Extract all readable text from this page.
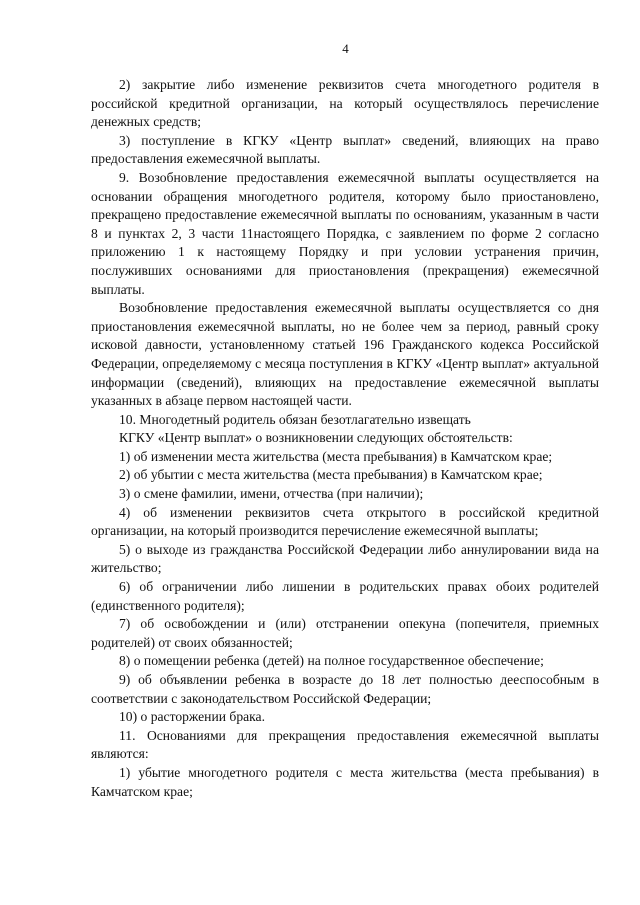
4

2) закрытие либо изменение реквизитов счета многодетного родителя в российской кредитной организации, на который осуществлялось перечисление денежных средств;

3) поступление в КГКУ «Центр выплат» сведений, влияющих на право предоставления ежемесячной выплаты.

9. Возобновление предоставления ежемесячной выплаты осуществляется на основании обращения многодетного родителя, которому было приостановлено, прекращено предоставление ежемесячной выплаты по основаниям, указанным в части 8 и пунктах 2, 3 части 11настоящего Порядка, с заявлением по форме 2 согласно приложению 1 к настоящему Порядку и при условии устранения причин, послуживших основаниями для приостановления (прекращения) ежемесячной выплаты.

Возобновление предоставления ежемесячной выплаты осуществляется со дня приостановления ежемесячной выплаты, но не более чем за период, равный сроку исковой давности, установленному статьей 196 Гражданского кодекса Российской Федерации, определяемому с месяца поступления в КГКУ «Центр выплат» актуальной информации (сведений), влияющих на предоставление ежемесячной выплаты указанных в абзаце первом настоящей части.

10. Многодетный родитель обязан безотлагательно извещать

КГКУ «Центр выплат» о возникновении следующих обстоятельств:

1) об изменении места жительства (места пребывания) в Камчатском крае;

2) об убытии с места жительства (места пребывания) в Камчатском крае;

3) о смене фамилии, имени, отчества (при наличии);

4) об изменении реквизитов счета открытого в российской кредитной организации, на который производится перечисление ежемесячной выплаты;

5) о выходе из гражданства Российской Федерации либо аннулировании вида на жительство;

6) об ограничении либо лишении в родительских правах обоих родителей (единственного родителя);

7) об освобождении и (или) отстранении опекуна (попечителя, приемных родителей) от своих обязанностей;

8) о помещении ребенка (детей) на полное государственное обеспечение;

9) об объявлении ребенка в возрасте до 18 лет полностью дееспособным в соответствии с законодательством Российской Федерации;

10) о расторжении брака.

11. Основаниями для прекращения предоставления ежемесячной выплаты являются:

1) убытие многодетного родителя с места жительства (места пребывания) в Камчатском крае;
